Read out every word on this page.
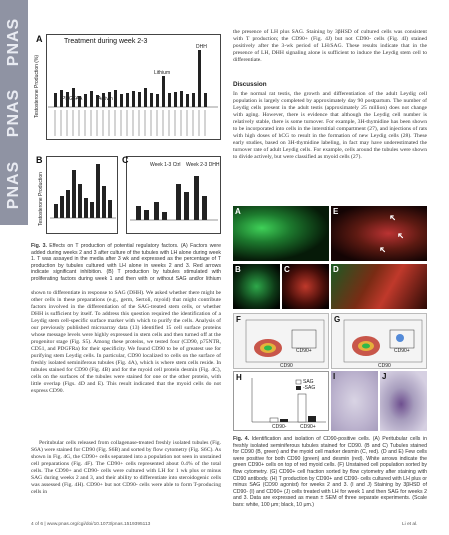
PNAS
PNAS
PNAS
A	Treatment during week 2-3
Testosterone Production (%)
DHH
Lithium
PDGFAA	Activin
B
Testosterone Production
C	Week 1-3 Ctrl Week 2-3 DHH
Fig. 3. Effects on T production of potential regulatory factors. (A) Factors were added during weeks 2 and 3 after culture of the tubules with LH alone during week 1. T was assayed in the media after 3 wk and expressed as the percentage of T production by tubules cultured with LH alone in weeks 2 and 3. Red arrows indicate significant inhibition. (B) T production by tubules stimulated with proliferating factors during week 1 and then with or without SAG and/or lithium
shown to differentiate in response to SAG (DHH). We asked whether there might be other cells in these preparations (e.g., germ, Sertoli, myoid) that might contribute factors involved in the differentiation of the SAG-treated stem cells, or whether DHH is sufficient by itself. To address this question required the identification of a Leydig stem cell-specific surface marker with which to purify the cells. Analysis of our previously published microarray data (13) identified 15 cell surface proteins whose message levels were highly expressed in stem cells and then turned off at the progenitor stage (Fig. S5). Among these proteins, we tested four (CD90, p75NTR, CD51, and PDGFRa) for their specificity. We found CD90 to be of greatest use for purifying stem Leydig cells. In particular, CD90 localized to cells on the surface of freshly isolated seminiferous tubules (Fig. 4A), which is where stem cells reside. In tubules stained for CD90 (Fig. 4B) and for the myoid cell protein desmin (Fig. 4C), cells on the surfaces of the tubules were stained for one or the other protein, with little overlap (Figs. 4D and E). This result indicated that the myoid cells do not express CD90.
Peritubular cells released from collagenase-treated freshly isolated tubules (Fig. S6A) were stained for CD90 (Fig. S6B) and sorted by flow cytometry (Fig. S6C). As shown in Fig. 4G, the CD90+ cells separated into a population not seen in unstained cell preparations (Fig. 4F). The CD90+ cells represented about 0.4% of the total cells. The CD90+ and CD90- cells were cultured with LH for 1 wk plus or minus SAG during weeks 2 and 3, and their ability to differentiate into steroidogenic cells was assessed (Fig. 4H). CD90+ but not CD90- cells were able to form T-producing cells in
the presence of LH plus SAG. Staining by 3βHSD of cultured cells was consistent with T production; the CD90+ (Fig. 4J) but not CD90- cells (Fig. 4I) stained positively after the 3-wk period of LH/SAG. These results indicate that in the presence of LH, DHH signaling alone is sufficient to induce the Leydig stem cell to differentiate.
Discussion
In the normal rat testis, the growth and differentiation of the adult Leydig cell population is largely completed by approximately day 90 postpartum. The number of Leydig cells present in the adult testis (approximately 25 million) does not change with aging. However, there is evidence that although the Leydig cell number is relatively stable, there is some turnover. For example, 3H-thymidine has been shown to be incorporated into cells in the interstitial compartment (27), and injections of rats with high doses of hCG to result in the formation of new Leydig cells (28). These early studies, based on 3H-thymidine labeling, in fact may have underestimated the turnover rate of adult Leydig cells. For example, cells around the tubules were shown to divide actively, but were classified as myoid cells (27).
A	E
➜
➜
➜
B	C	D
F
CD90+
CD90
G
CD90+
CD90
H	SAG
-SAG
CD90-	CD90+
I	J
Fig. 4. Identification and isolation of CD90-positive cells. (A) Peritubular cells in freshly isolated seminiferous tubules stained for CD90. (B and C) Tubules stained for CD90 (B, green) and the myoid cell marker desmin (C, red). (D and E) Few cells were positive for both CD90 (green) and desmin (red). White arrows indicate the green CD90+ cells on top of red myoid cells. (F) Unstained cell population sorted by flow cytometry. (G) CD90+ cell fraction sorted by flow cytometry after staining with CD90 antibody. (H) T production by CD90+ and CD90- cells cultured with LH plus or minus SAG (CD90 agonist) for weeks 2 and 3. (I and J) Staining by 3βHSD of CD90- (I) and CD90+ (J) cells treated with LH for week 1 and then SAG for weeks 2 and 3. Data are expressed as mean ± SEM of three separate experiments. (Scale bars: white, 100 μm; black, 10 μm.)
4 of 6 | www.pnas.org/cgi/doi/10.1073/pnas.1519395113	Li et al.
